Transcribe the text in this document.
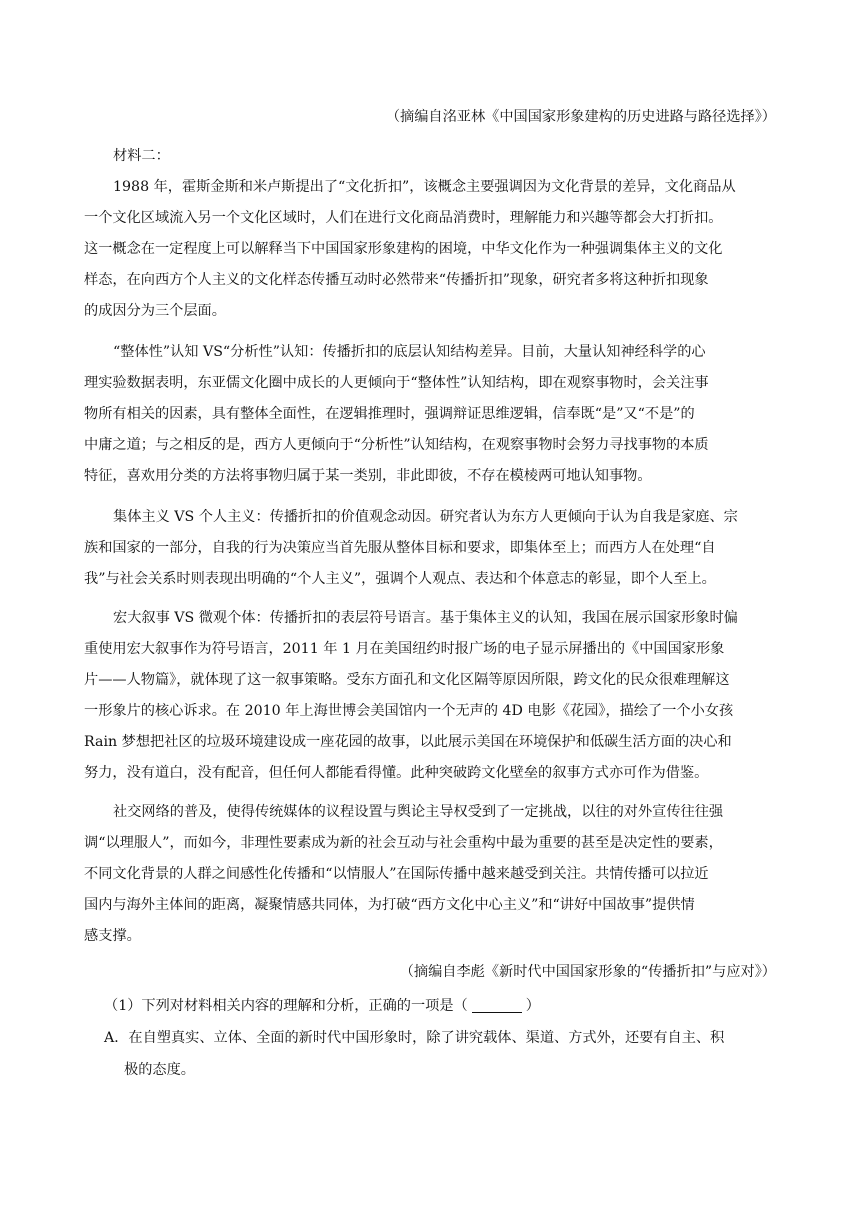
（摘编自洺亚林《中国国家形象建构的历史进路与路径选择》）
材料二：
1988 年，霍斯金斯和米卢斯提出了“文化折扣”，该概念主要强调因为文化背景的差异，文化商品从
一个文化区域流入另一个文化区域时，人们在进行文化商品消费时，理解能力和兴趣等都会大打折扣。
这一概念在一定程度上可以解释当下中国国家形象建构的困境，中华文化作为一种强调集体主义的文化
样态，在向西方个人主义的文化样态传播互动时必然带来“传播折扣”现象，研究者多将这种折扣现象
的成因分为三个层面。
“整体性”认知 VS“分析性”认知：传播折扣的底层认知结构差异。目前，大量认知神经科学的心
理实验数据表明，东亚儒文化圈中成长的人更倾向于“整体性”认知结构，即在观察事物时，会关注事
物所有相关的因素，具有整体全面性，在逻辑推理时，强调辩证思维逻辑，信奉既“是”又“不是”的
中庸之道；与之相反的是，西方人更倾向于“分析性”认知结构，在观察事物时会努力寻找事物的本质
特征，喜欢用分类的方法将事物归属于某一类别，非此即彼，不存在模棱两可地认知事物。
集体主义 VS 个人主义：传播折扣的价值观念动因。研究者认为东方人更倾向于认为自我是家庭、宗
族和国家的一部分，自我的行为决策应当首先服从整体目标和要求，即集体至上；而西方人在处理“自
我”与社会关系时则表现出明确的“个人主义”，强调个人观点、表达和个体意志的彰显，即个人至上。
宏大叙事 VS 微观个体：传播折扣的表层符号语言。基于集体主义的认知，我国在展示国家形象时偏
重使用宏大叙事作为符号语言，2011 年 1 月在美国纽约时报广场的电子显示屏播出的《中国国家形象
片——人物篇》，就体现了这一叙事策略。受东方面孔和文化区隔等原因所限，跨文化的民众很难理解这
一形象片的核心诉求。在 2010 年上海世博会美国馆内一个无声的 4D 电影《花园》，描绘了一个小女孩
Rain 梦想把社区的垃圾环境建设成一座花园的故事，以此展示美国在环境保护和低碳生活方面的决心和
努力，没有道白，没有配音，但任何人都能看得懂。此种突破跨文化壁垒的叙事方式亦可作为借鉴。
社交网络的普及，使得传统媒体的议程设置与舆论主导权受到了一定挑战，以往的对外宣传往往强
调“以理服人”，而如今，非理性要素成为新的社会互动与社会重构中最为重要的甚至是决定性的要素，
不同文化背景的人群之间感性化传播和“以情服人”在国际传播中越来越受到关注。共情传播可以拉近
国内与海外主体间的距离，凝聚情感共同体，为打破“西方文化中心主义”和“讲好中国故事”提供情
感支撑。
（摘编自李彪《新时代中国国家形象的“传播折扣”与应对》）
（1）下列对材料相关内容的理解和分析，正确的一项是（	）
A．在自塑真实、立体、全面的新时代中国形象时，除了讲究载体、渠道、方式外，还要有自主、积
极的态度。
